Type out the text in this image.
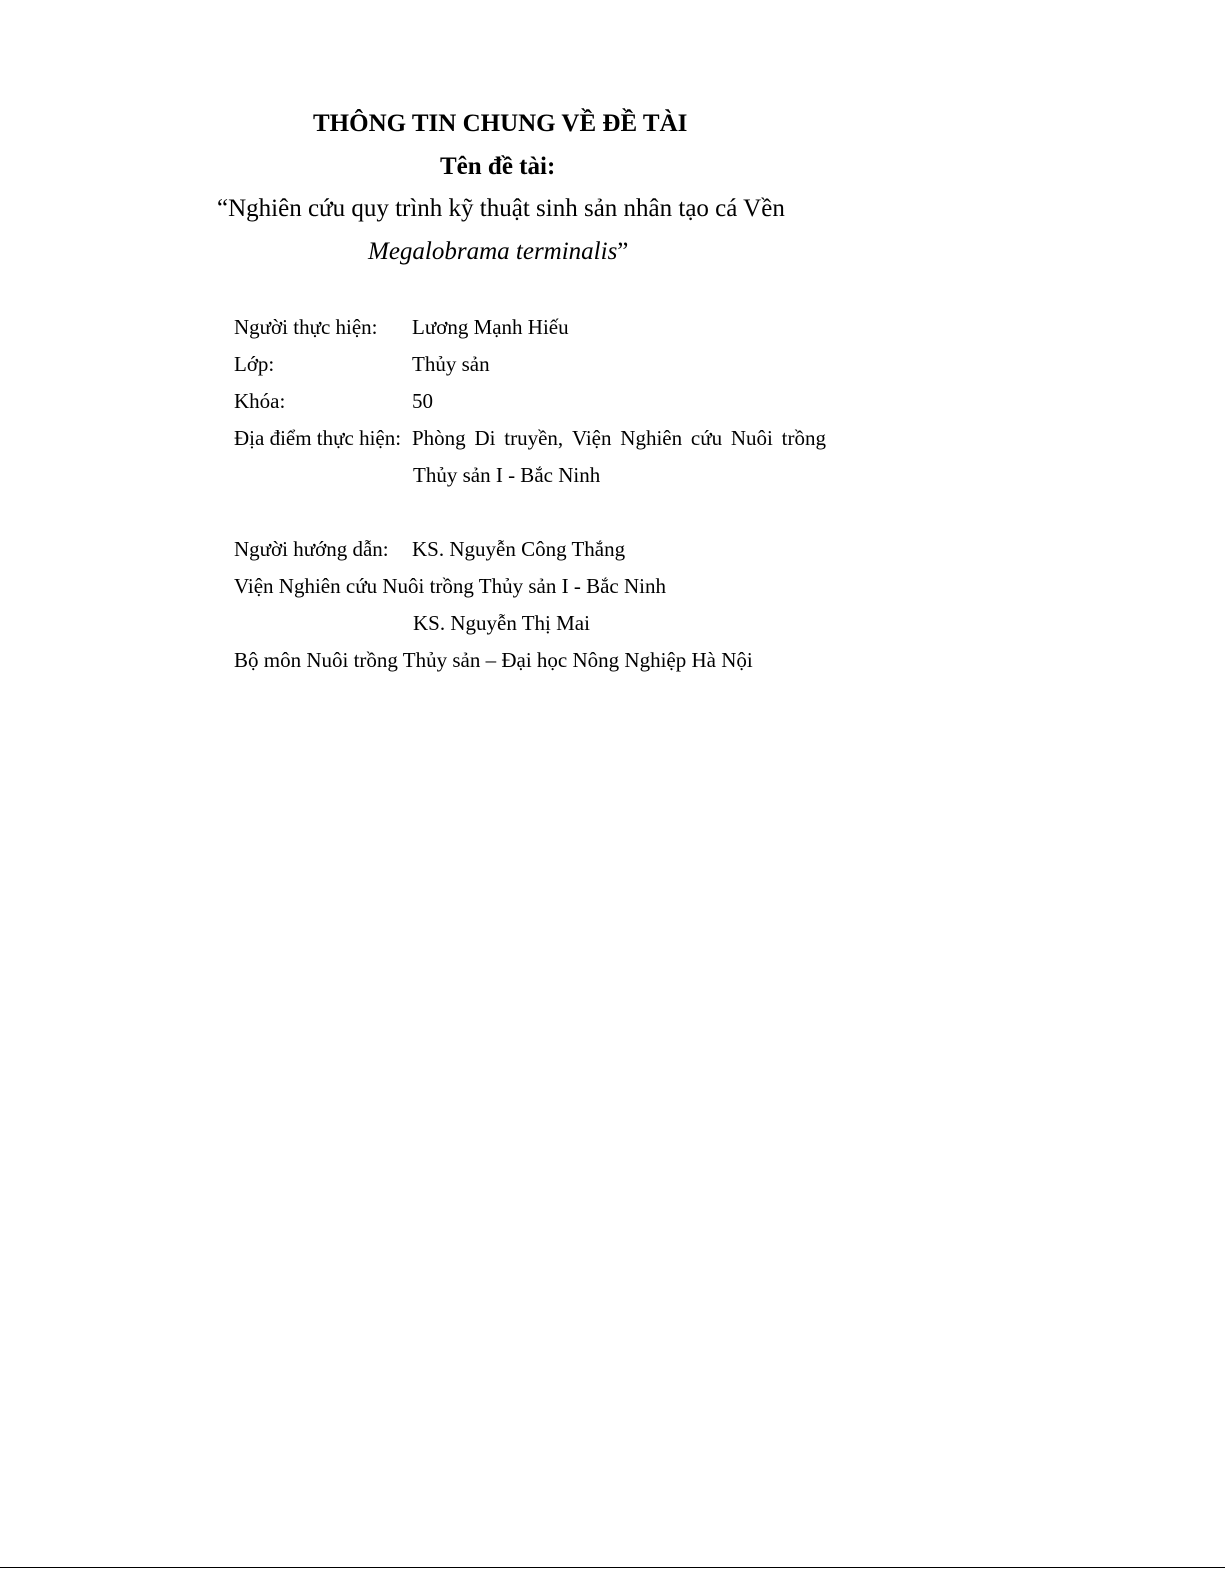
THÔNG TIN CHUNG VỀ ĐỀ TÀI
Tên đề tài:
“Nghiên cứu quy trình kỹ thuật sinh sản nhân tạo cá Vền
Megalobrama terminalis”
Người thực hiện: Lương Mạnh Hiếu
Lớp:	Thủy sản
Khóa:	50
Địa điểm thực hiện: Phòng Di truyền, Viện Nghiên cứu Nuôi trồng
Thủy sản I - Bắc Ninh
Người hướng dẫn: KS. Nguyễn Công Thắng
Viện Nghiên cứu Nuôi trồng Thủy sản I - Bắc Ninh
KS. Nguyễn Thị Mai
Bộ môn Nuôi trồng Thủy sản – Đại học Nông Nghiệp Hà Nội
